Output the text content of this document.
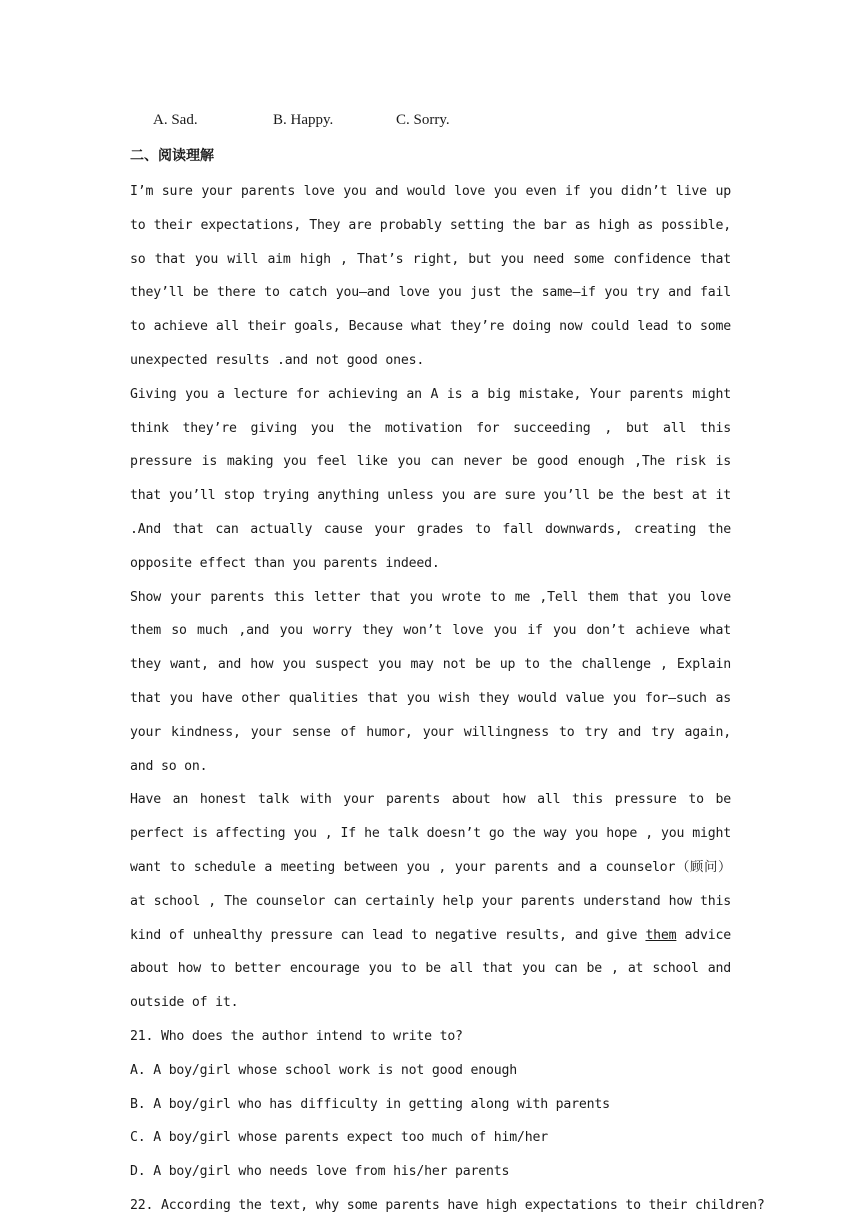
A. Sad.	B. Happy.	C. Sorry.
二、阅读理解

I’m sure your parents love you and would love you even if you didn’t live up to their expectations, They are probably setting the bar as high as possible, so that you will aim high , That’s right, but you need some confidence that they’ll be there to catch you—and love you just the same—if you try and fail to achieve all their goals, Because what they’re doing now could lead to some unexpected results .and not good ones.

Giving you a lecture for achieving an A is a big mistake, Your parents might think they’re giving you the motivation for succeeding , but all this pressure is making you feel like you can never be good enough ,The risk is that you’ll stop trying anything unless you are sure you’ll be the best at it .And that can actually cause your grades to fall downwards, creating the opposite effect than you parents indeed.

Show your parents this letter that you wrote to me ,Tell them that you love them so much ,and you worry they won’t love you if you don’t achieve what they want, and how you suspect you may not be up to the challenge , Explain that you have other qualities that you wish they would value you for—such as your kindness, your sense of humor, your willingness to try and try again, and so on.

Have an honest talk with your parents about how all this pressure to be perfect is affecting you , If he talk doesn’t go the way you hope , you might want to schedule a meeting between you , your parents and a counselor（顾问）at school , The counselor can certainly help your parents understand how this kind of unhealthy pressure can lead to negative results, and give them advice about how to better encourage you to be all that you can be , at school and outside of it.

21. Who does the author intend to write to?

A. A boy/girl whose school work is not good enough

B. A boy/girl who has difficulty in getting along with parents

C. A boy/girl whose parents expect too much of him/her

D. A boy/girl who needs love from his/her parents

22. According the text, why some parents have high expectations to their children?
